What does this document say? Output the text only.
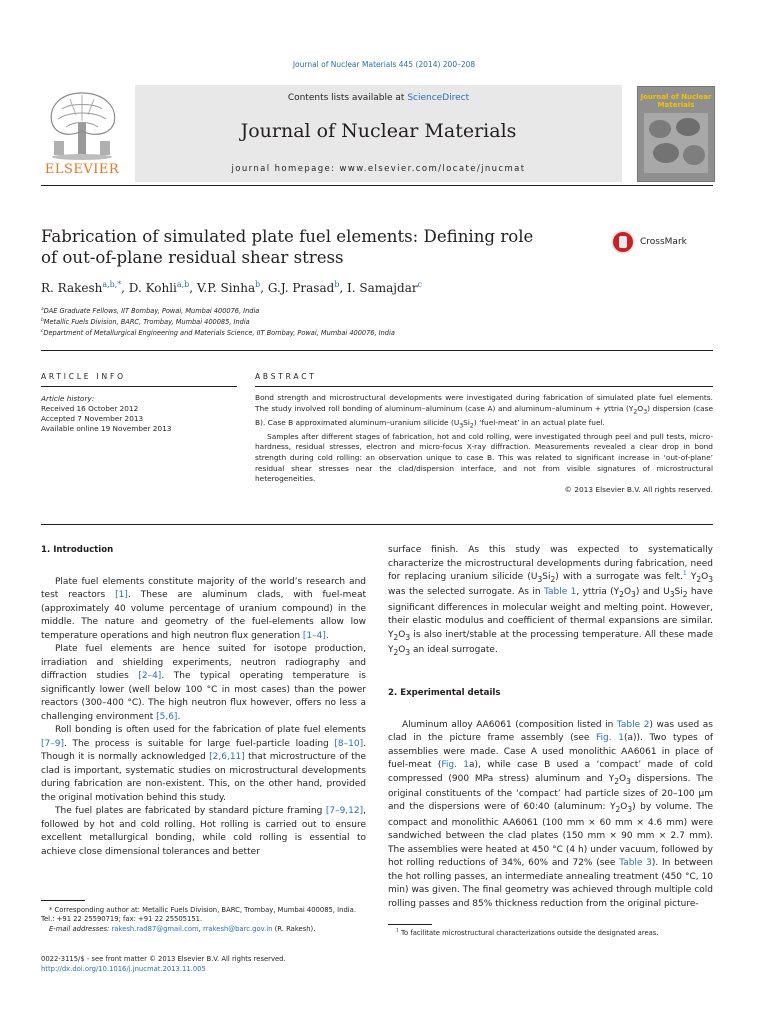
Journal of Nuclear Materials 445 (2014) 200–208
ELSEVIER
Contents lists available at ScienceDirect
Journal of Nuclear Materials
journal homepage: www.elsevier.com/locate/jnucmat
Journal of Nuclear Materials
Fabrication of simulated plate fuel elements: Defining role
of out-of-plane residual shear stress
CrossMark
R. Rakesh$^{a,b,*}$, D. Kohli$^{a,b}$, V.P. Sinha$^b$, G.J. Prasad$^b$, I. Samajdar$^c$
$^a$DAE Graduate Fellows, IIT Bombay, Powai, Mumbai 400076, India
$^b$Metallic Fuels Division, BARC, Trombay, Mumbai 400085, India
$^c$Department of Metallurgical Engineering and Materials Science, IIT Bombay, Powai, Mumbai 400076, India
ARTICLE INFO
Article history:
Received 16 October 2012
Accepted 7 November 2013
Available online 19 November 2013
ABSTRACT

Bond strength and microstructural developments were investigated during fabrication of simulated plate fuel elements. The study involved roll bonding of aluminum–aluminum (case A) and aluminum–aluminum + yttria $(Y_2O_3)$ dispersion (case B). Case B approximated aluminum–uranium silicide $(U_3Si_2)$ ‘fuel-meat’ in an actual plate fuel.

Samples after different stages of fabrication, hot and cold rolling, were investigated through peel and pull tests, micro-hardness, residual stresses, electron and micro-focus X-ray diffraction. Measurements revealed a clear drop in bond strength during cold rolling: an observation unique to case B. This was related to significant increase in ‘out-of-plane’ residual shear stresses near the clad/dispersion interface, and not from visible signatures of microstructural heterogeneities.

© 2013 Elsevier B.V. All rights reserved.

1. Introduction

Plate fuel elements constitute majority of the world’s research and test reactors [1]. These are aluminum clads, with fuel-meat (approximately 40 volume percentage of uranium compound) in the middle. The nature and geometry of the fuel-elements allow low temperature operations and high neutron flux generation [1–4].

Plate fuel elements are hence suited for isotope production, irradiation and shielding experiments, neutron radiography and diffraction studies [2–4]. The typical operating temperature is significantly lower (well below 100 °C in most cases) than the power reactors (300–400 °C). The high neutron flux however, offers no less a challenging environment [5,6].

Roll bonding is often used for the fabrication of plate fuel elements [7–9]. The process is suitable for large fuel-particle loading [8–10]. Though it is normally acknowledged [2,6,11] that microstructure of the clad is important, systematic studies on microstructural developments during fabrication are non-existent. This, on the other hand, provided the original motivation behind this study.

The fuel plates are fabricated by standard picture framing [7–9,12], followed by hot and cold rolling. Hot rolling is carried out to ensure excellent metallurgical bonding, while cold rolling is essential to achieve close dimensional tolerances and better

* Corresponding author at: Metallic Fuels Division, BARC, Trombay, Mumbai 400085, India. Tel.: +91 22 25590719; fax: +91 22 25505151.
E-mail addresses: rakesh.rad87@gmail.com, rrakesh@barc.gov.in (R. Rakesh).

surface finish. As this study was expected to systematically characterize the microstructural developments during fabrication, need for replacing uranium silicide $(U_3Si_2)$ with a surrogate was felt.$^1$ $Y_2O_3$ was the selected surrogate. As in Table 1, yttria $(Y_2O_3)$ and $U_3Si_2$ have significant differences in molecular weight and melting point. However, their elastic modulus and coefficient of thermal expansions are similar. $Y_2O_3$ is also inert/stable at the processing temperature. All these made $Y_2O_3$ an ideal surrogate.

2. Experimental details

Aluminum alloy AA6061 (composition listed in Table 2) was used as clad in the picture frame assembly (see Fig. 1(a)). Two types of assemblies were made. Case A used monolithic AA6061 in place of fuel-meat (Fig. 1a), while case B used a ‘compact’ made of cold compressed (900 MPa stress) aluminum and $Y_2O_3$ dispersions. The original constituents of the ‘compact’ had particle sizes of 20–100 μm and the dispersions were of 60:40 (aluminum: $Y_2O_3$) by volume. The compact and monolithic AA6061 (100 mm × 60 mm × 4.6 mm) were sandwiched between the clad plates (150 mm × 90 mm × 2.7 mm). The assemblies were heated at 450 °C (4 h) under vacuum, followed by hot rolling reductions of 34%, 60% and 72% (see Table 3). In between the hot rolling passes, an intermediate annealing treatment (450 °C, 10 min) was given. The final geometry was achieved through multiple cold rolling passes and 85% thickness reduction from the original picture-

$^1$ To facilitate microstructural characterizations outside the designated areas.
0022-3115/$ - see front matter © 2013 Elsevier B.V. All rights reserved.
http://dx.doi.org/10.1016/j.jnucmat.2013.11.005
